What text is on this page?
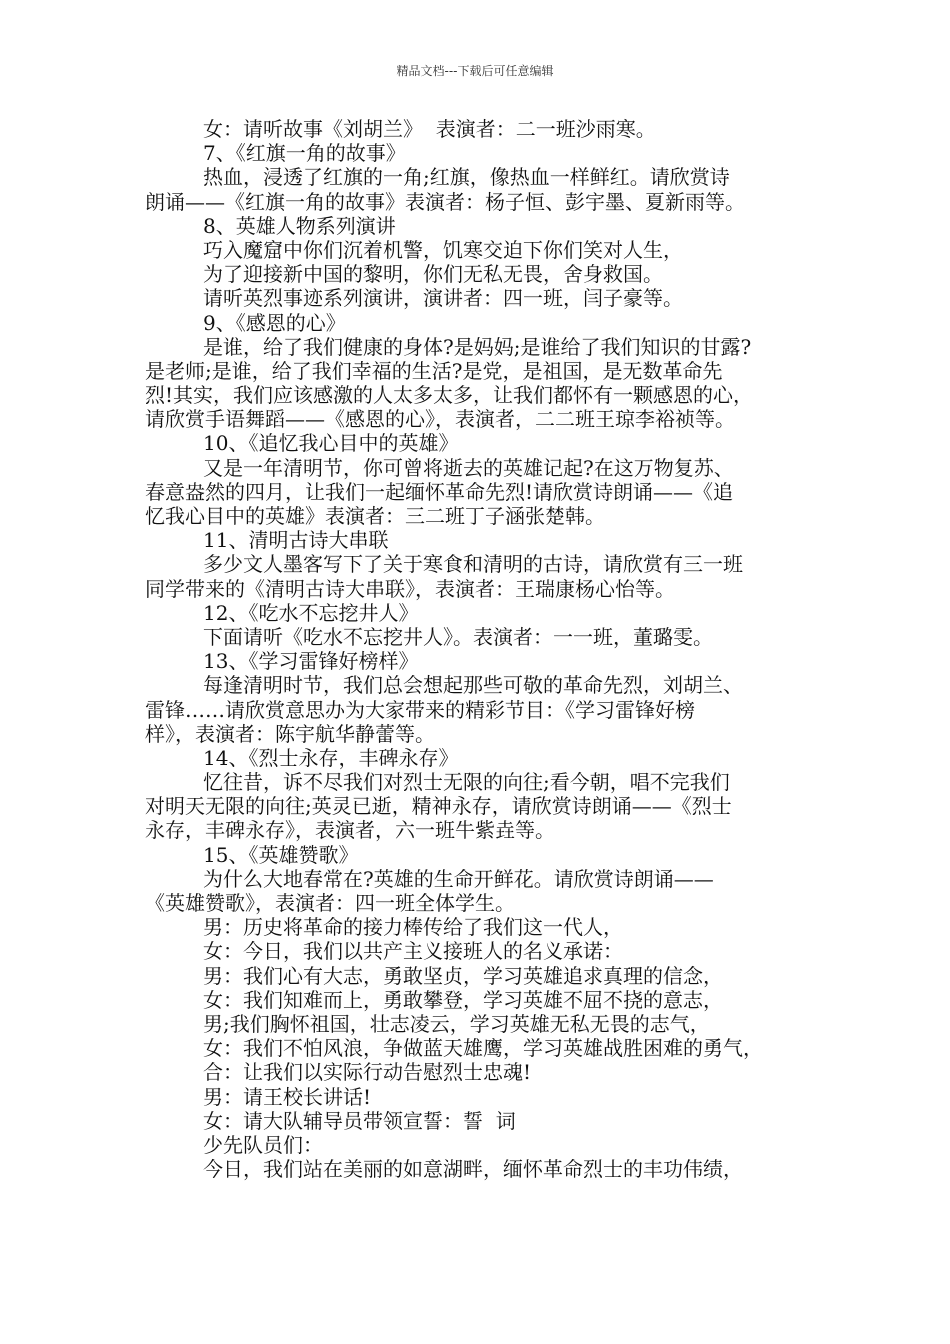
精品文档---下载后可任意编辑
女：请听故事《刘胡兰》  表演者：二一班沙雨寒。
7、《红旗一角的故事》
热血，浸透了红旗的一角;红旗，像热血一样鲜红。请欣赏诗
朗诵——《红旗一角的故事》表演者：杨子恒、彭宇墨、夏新雨等。
8、英雄人物系列演讲
巧入魔窟中你们沉着机警，饥寒交迫下你们笑对人生，
为了迎接新中国的黎明，你们无私无畏，舍身救国。
请听英烈事迹系列演讲，演讲者：四一班，闫子豪等。
9、《感恩的心》
是谁，给了我们健康的身体?是妈妈;是谁给了我们知识的甘露?
是老师;是谁，给了我们幸福的生活?是党，是祖国，是无数革命先
烈!其实，我们应该感激的人太多太多，让我们都怀有一颗感恩的心，
请欣赏手语舞蹈——《感恩的心》，表演者，二二班王琼李裕祯等。
10、《追忆我心目中的英雄》
又是一年清明节，你可曾将逝去的英雄记起?在这万物复苏、
春意盎然的四月，让我们一起缅怀革命先烈!请欣赏诗朗诵——《追
忆我心目中的英雄》表演者：三二班丁子涵张楚韩。
11、清明古诗大串联
多少文人墨客写下了关于寒食和清明的古诗，请欣赏有三一班
同学带来的《清明古诗大串联》，表演者：王瑞康杨心怡等。
12、《吃水不忘挖井人》
下面请听《吃水不忘挖井人》。表演者：一一班，董璐雯。
13、《学习雷锋好榜样》
每逢清明时节，我们总会想起那些可敬的革命先烈，刘胡兰、
雷锋……请欣赏意思办为大家带来的精彩节目：《学习雷锋好榜
样》，表演者：陈宇航华静蕾等。
14、《烈士永存，丰碑永存》
忆往昔，诉不尽我们对烈士无限的向往;看今朝，唱不完我们
对明天无限的向往;英灵已逝，精神永存，请欣赏诗朗诵——《烈士
永存，丰碑永存》，表演者，六一班牛紫垚等。
15、《英雄赞歌》
为什么大地春常在?英雄的生命开鲜花。请欣赏诗朗诵——
《英雄赞歌》，表演者：四一班全体学生。
男：历史将革命的接力棒传给了我们这一代人，
女：今日，我们以共产主义接班人的名义承诺：
男：我们心有大志，勇敢坚贞，学习英雄追求真理的信念，
女：我们知难而上，勇敢攀登，学习英雄不屈不挠的意志，
男;我们胸怀祖国，壮志凌云，学习英雄无私无畏的志气，
女：我们不怕风浪，争做蓝天雄鹰，学习英雄战胜困难的勇气，
合：让我们以实际行动告慰烈士忠魂!
男：请王校长讲话!
女：请大队辅导员带领宣誓：誓  词
少先队员们：
今日，我们站在美丽的如意湖畔，缅怀革命烈士的丰功伟绩，
